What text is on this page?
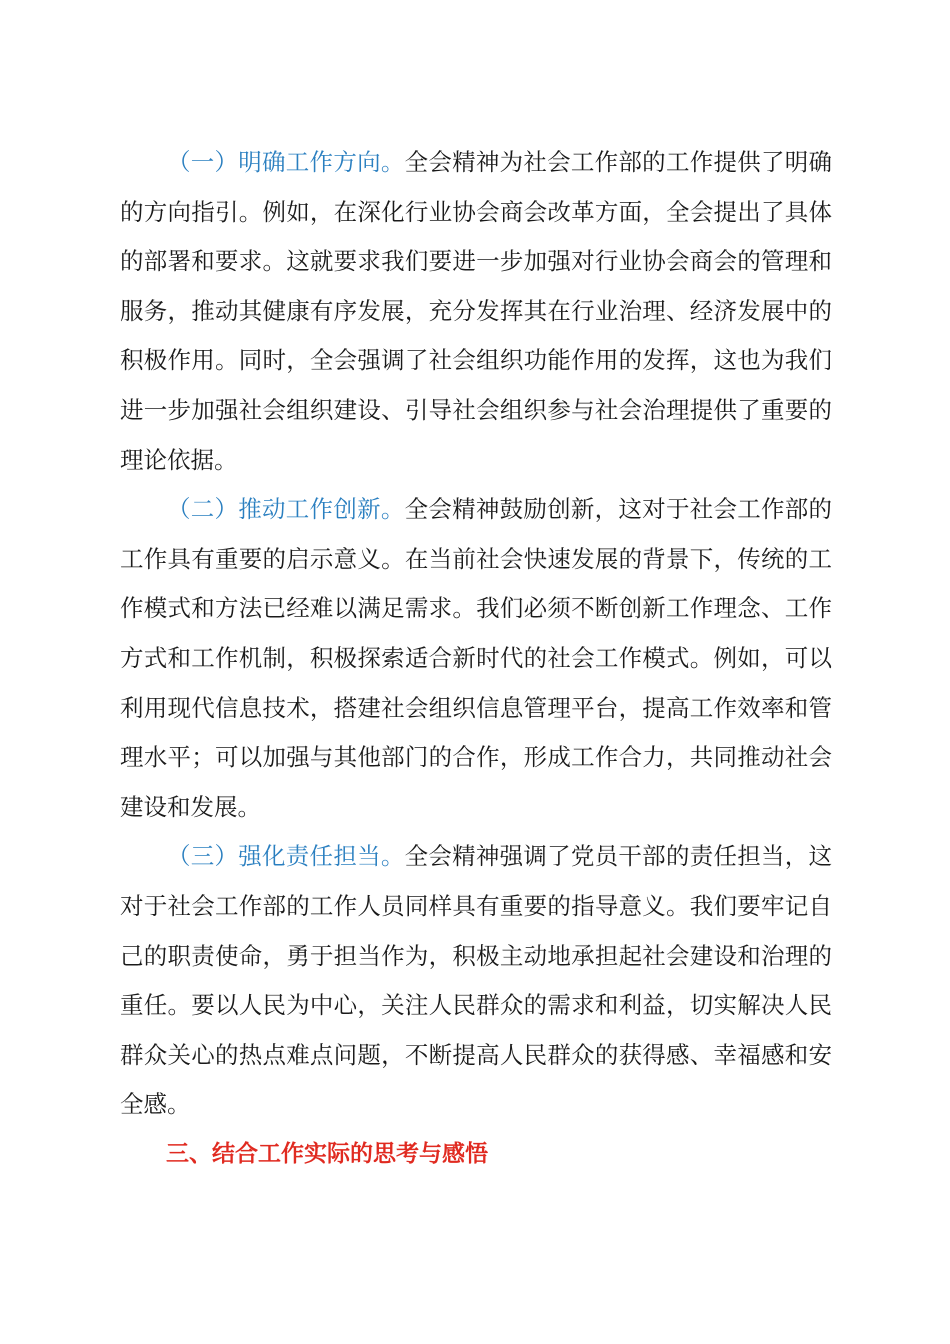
（一）明确工作方向。全会精神为社会工作部的工作提供了明确的方向指引。例如，在深化行业协会商会改革方面，全会提出了具体的部署和要求。这就要求我们要进一步加强对行业协会商会的管理和服务，推动其健康有序发展，充分发挥其在行业治理、经济发展中的积极作用。同时，全会强调了社会组织功能作用的发挥，这也为我们进一步加强社会组织建设、引导社会组织参与社会治理提供了重要的理论依据。

（二）推动工作创新。全会精神鼓励创新，这对于社会工作部的工作具有重要的启示意义。在当前社会快速发展的背景下，传统的工作模式和方法已经难以满足需求。我们必须不断创新工作理念、工作方式和工作机制，积极探索适合新时代的社会工作模式。例如，可以利用现代信息技术，搭建社会组织信息管理平台，提高工作效率和管理水平；可以加强与其他部门的合作，形成工作合力，共同推动社会建设和发展。

（三）强化责任担当。全会精神强调了党员干部的责任担当，这对于社会工作部的工作人员同样具有重要的指导意义。我们要牢记自己的职责使命，勇于担当作为，积极主动地承担起社会建设和治理的重任。要以人民为中心，关注人民群众的需求和利益，切实解决人民群众关心的热点难点问题，不断提高人民群众的获得感、幸福感和安全感。

三、结合工作实际的思考与感悟
